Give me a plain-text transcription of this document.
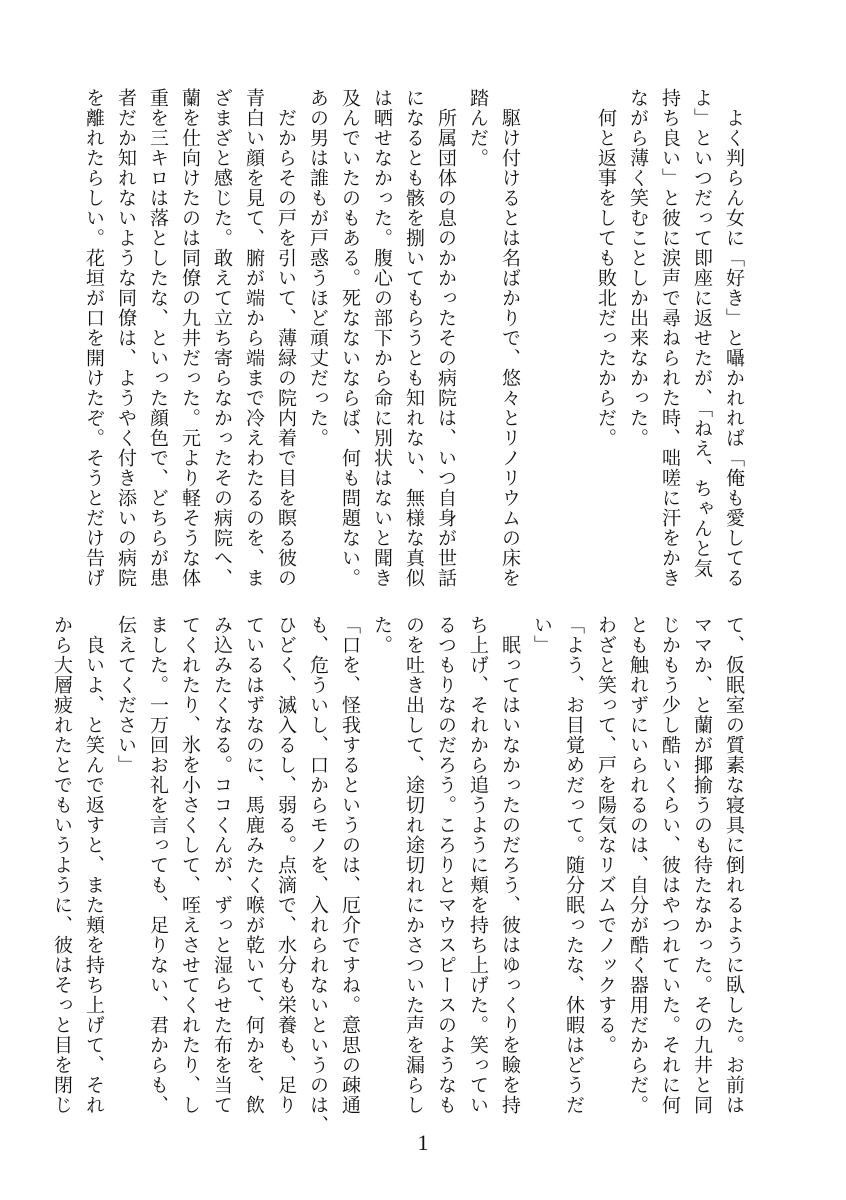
　よく判らん女に「好き」と囁かれれば「俺も愛してる
よ」といつだって即座に返せたが、「ねえ、ちゃんと気
持ち良い」と彼に涙声で尋ねられた時、咄嗟に汗をかき
ながら薄く笑むことしか出来なかった。
　何と返事をしても敗北だったからだ。

　駆け付けるとは名ばかりで、悠々とリノリウムの床を
踏んだ。
　所属団体の息のかかったその病院は、いつ自身が世話
になるとも骸を捌いてもらうとも知れない、無様な真似
は晒せなかった。腹心の部下から命に別状はないと聞き
及んでいたのもある。死なないならば、何も問題ない。
あの男は誰もが戸惑うほど頑丈だった。
　だからその戸を引いて、薄緑の院内着で目を瞑る彼の
青白い顔を見て、腑が端から端まで冷えわたるのを、ま
ざまざと感じた。敢えて立ち寄らなかったその病院へ、
蘭を仕向けたのは同僚の九井だった。元より軽そうな体
重を三キロは落としたな、といった顔色で、どちらが患
者だか知れないような同僚は、ようやく付き添いの病院
を離れたらしい。花垣が口を開けたぞ。そうとだけ告げ
て、仮眠室の質素な寝具に倒れるように臥した。お前は
ママか、と蘭が揶揄うのも待たなかった。その九井と同
じかもう少し酷いくらい、彼はやつれていた。それに何
とも触れずにいられるのは、自分が酷く器用だからだ。
わざと笑って、戸を陽気なリズムでノックする。
「よう、お目覚めだって。随分眠ったな、休暇はどうだ
い」
　眠ってはいなかったのだろう、彼はゆっくりを瞼を持
ち上げ、それから追うように頬を持ち上げた。笑ってい
るつもりなのだろう。ころりとマウスピースのようなも
のを吐き出して、途切れ途切れにかさついた声を漏らし
た。
「口を、怪我するというのは、厄介ですね。意思の疎通
も、危ういし、口からモノを、入れられないというのは、
ひどく、滅入るし、弱る。点滴で、水分も栄養も、足り
ているはずなのに、馬鹿みたく喉が乾いて、何かを、飲
み込みたくなる。ココくんが、ずっと湿らせた布を当て
てくれたり、氷を小さくして、咥えさせてくれたり、し
ました。一万回お礼を言っても、足りない、君からも、
伝えてください」
　良いよ、と笑んで返すと、また頬を持ち上げて、それ
から大層疲れたとでもいうように、彼はそっと目を閉じ
1
